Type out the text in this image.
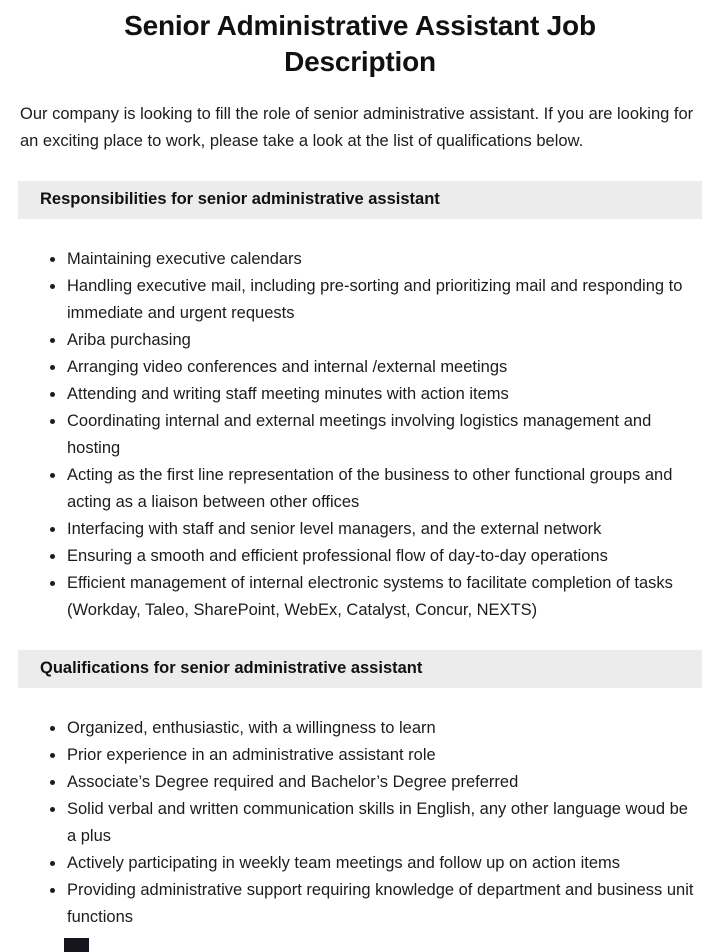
Senior Administrative Assistant Job Description

Our company is looking to fill the role of senior administrative assistant. If you are looking for an exciting place to work, please take a look at the list of qualifications below.

Responsibilities for senior administrative assistant
• Maintaining executive calendars
• Handling executive mail, including pre-sorting and prioritizing mail and responding to immediate and urgent requests
• Ariba purchasing
• Arranging video conferences and internal /external meetings
• Attending and writing staff meeting minutes with action items
• Coordinating internal and external meetings involving logistics management and hosting
• Acting as the first line representation of the business to other functional groups and acting as a liaison between other offices
• Interfacing with staff and senior level managers, and the external network
• Ensuring a smooth and efficient professional flow of day-to-day operations
• Efficient management of internal electronic systems to facilitate completion of tasks (Workday, Taleo, SharePoint, WebEx, Catalyst, Concur, NEXTS)
Qualifications for senior administrative assistant
• Organized, enthusiastic, with a willingness to learn
• Prior experience in an administrative assistant role
• Associate’s Degree required and Bachelor’s Degree preferred
• Solid verbal and written communication skills in English, any other language woud be a plus
• Actively participating in weekly team meetings and follow up on action items
• Providing administrative support requiring knowledge of department and business unit functions
